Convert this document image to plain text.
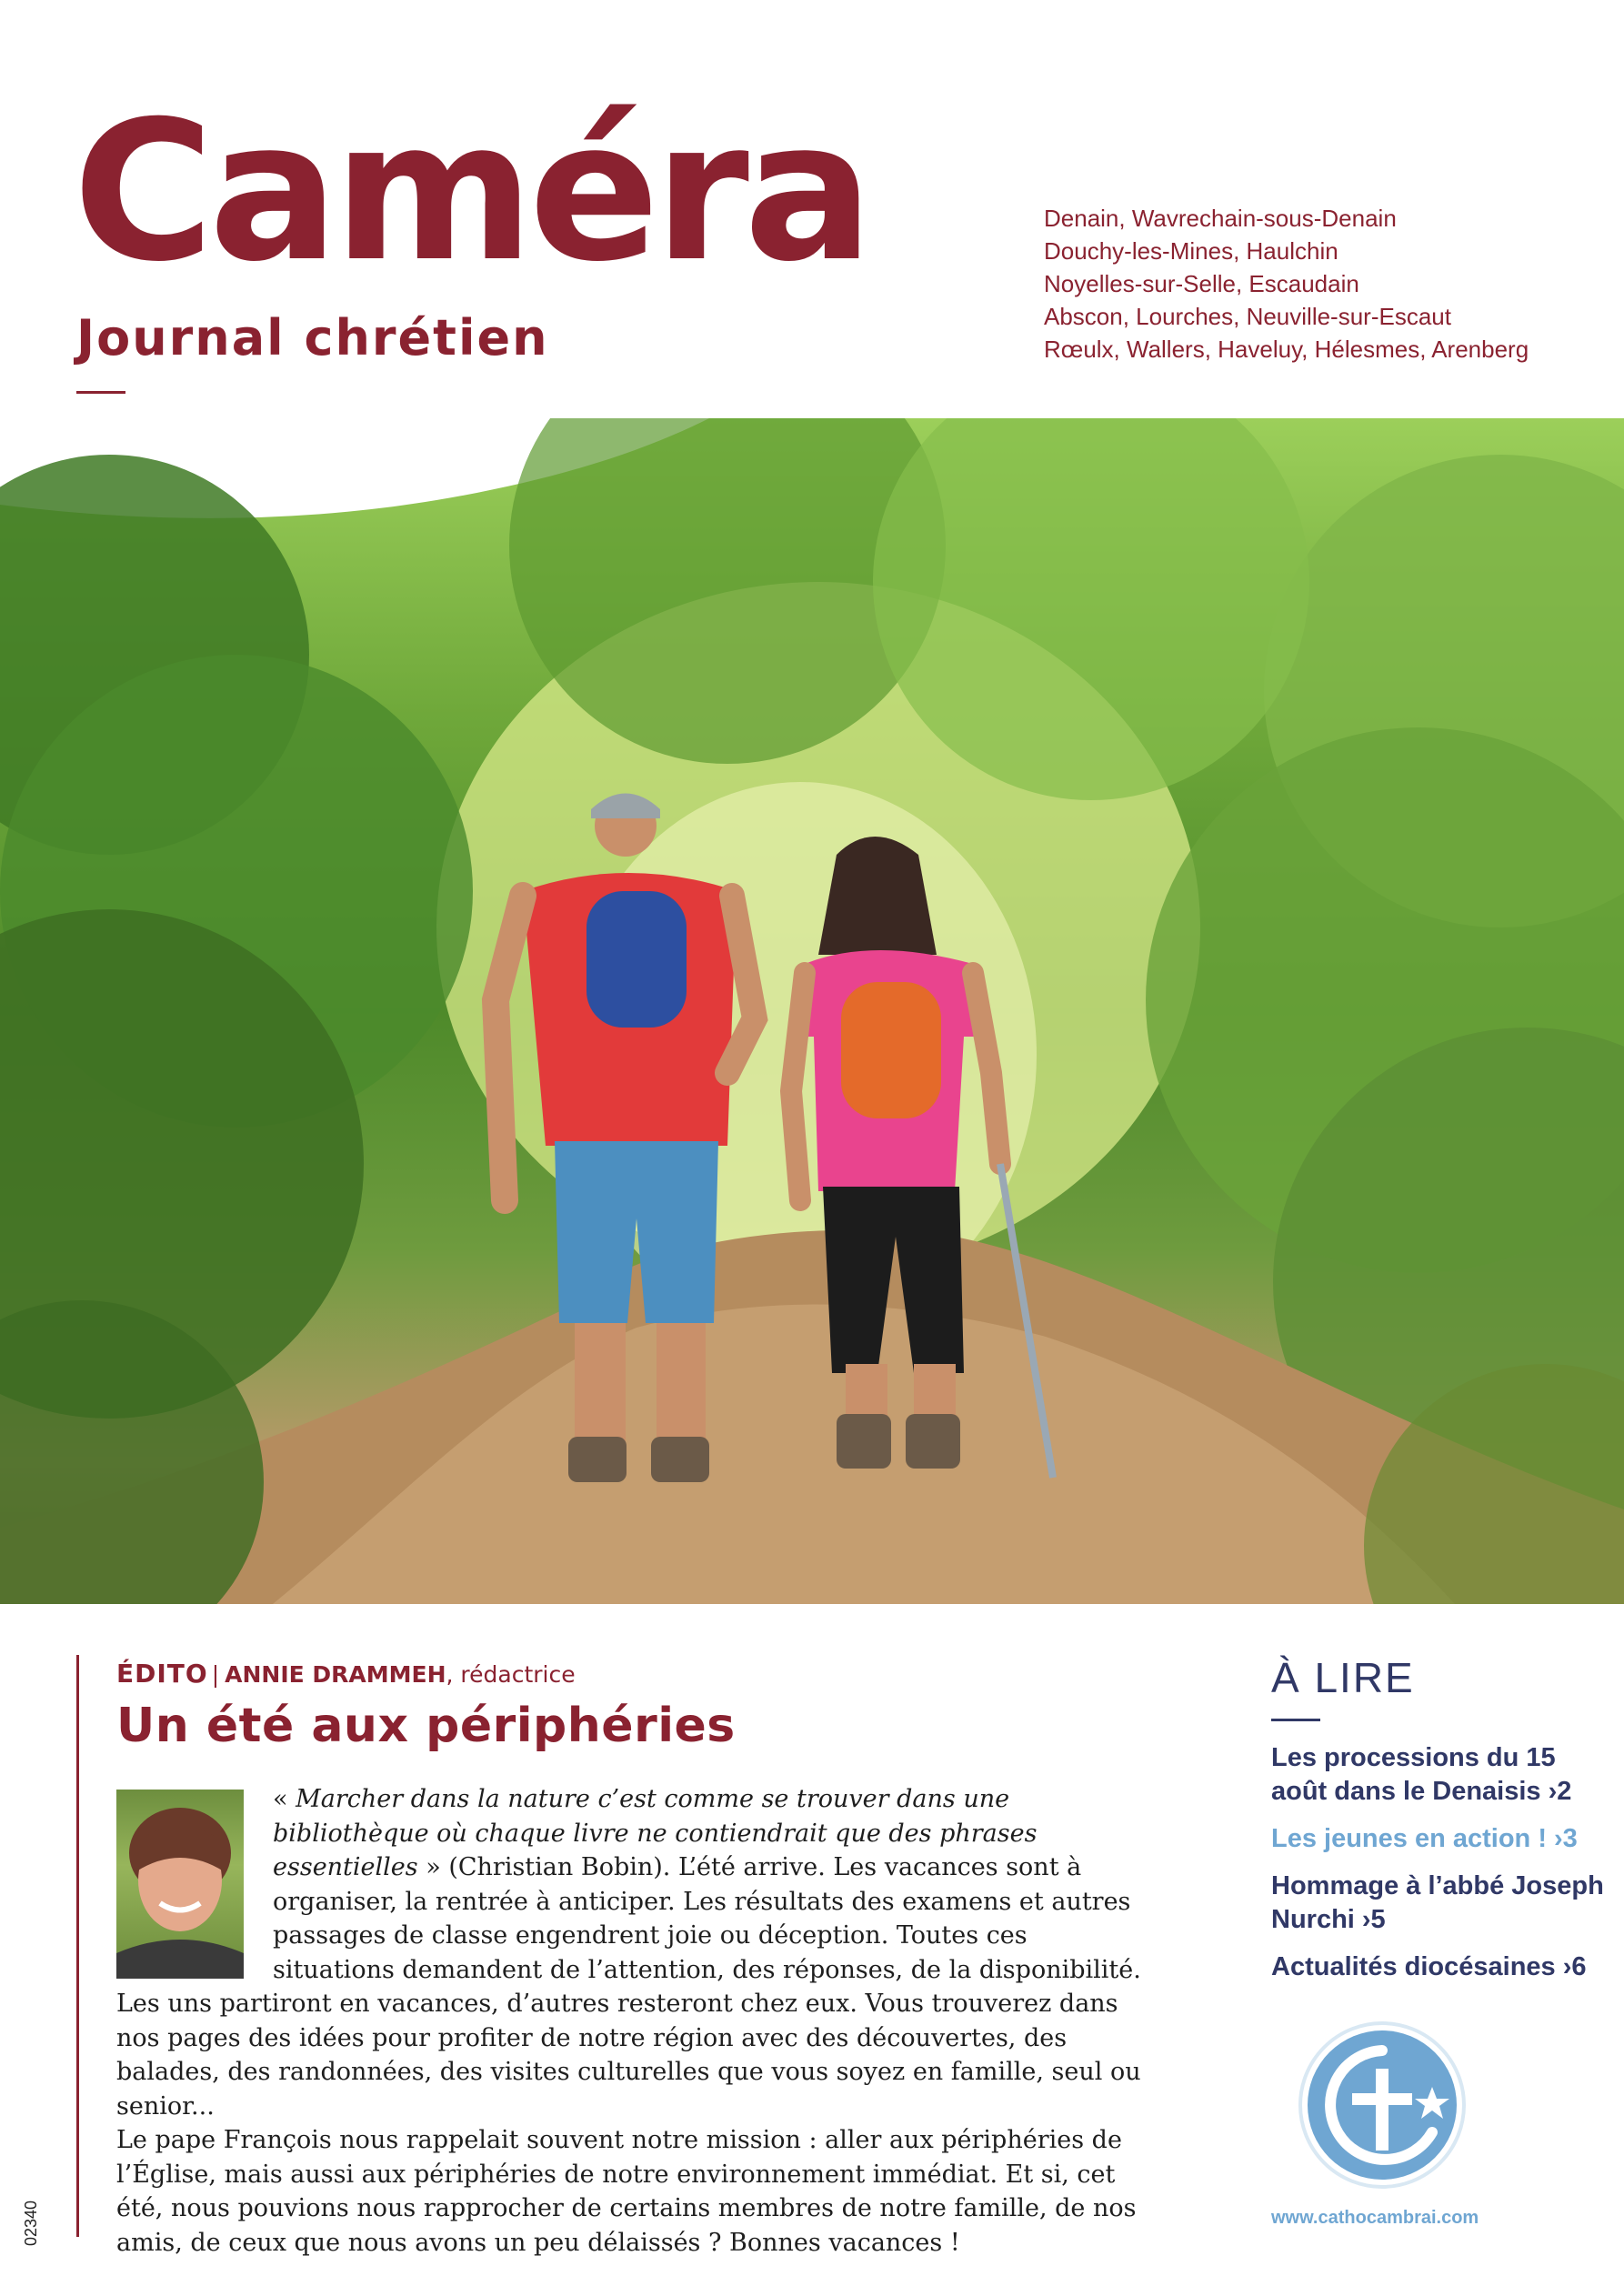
Caméra
Journal chrétien
Denain, Wavrechain-sous-Denain
Douchy-les-Mines, Haulchin
Noyelles-sur-Selle, Escaudain
Abscon, Lourches, Neuville-sur-Escaut
Rœulx, Wallers, Haveluy, Hélesmes, Arenberg
ÉDITO | ANNIE DRAMMEH, rédactrice
Un été aux périphéries
« Marcher dans la nature c’est comme se trouver dans une bibliothèque où chaque livre ne contiendrait que des phrases essentielles » (Christian Bobin). L’été arrive. Les vacances sont à organiser, la rentrée à anticiper. Les résultats des examens et autres passages de classe engendrent joie ou déception. Toutes ces situations demandent de l’attention, des réponses, de la disponibilité.

Les uns partiront en vacances, d’autres resteront chez eux. Vous trouverez dans nos pages des idées pour profiter de notre région avec des découvertes, des balades, des randonnées, des visites culturelles que vous soyez en famille, seul ou senior...

Le pape François nous rappelait souvent notre mission : aller aux périphéries de l’Église, mais aussi aux périphéries de notre environnement immédiat. Et si, cet été, nous pouvions nous rapprocher de certains membres de notre famille, de nos amis, de ceux que nous avons un peu délaissés ? Bonnes vacances !

À LIRE
Les processions du 15 août dans le Denaisis ›2
Les jeunes en action ! ›3
Hommage à l’abbé Joseph Nurchi ›5
Actualités diocésaines ›6
www.cathocambrai.com
02340
